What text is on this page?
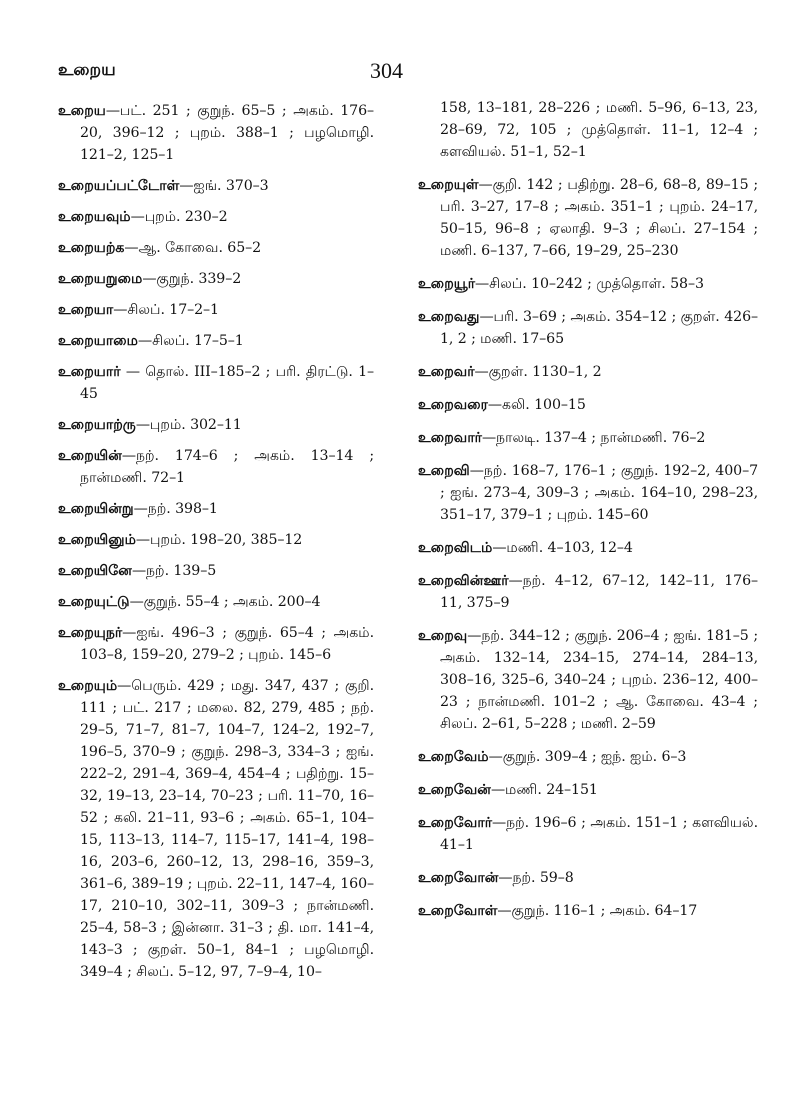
உறைய	304
உறைய—பட். 251 ; குறுந். 65–5 ; அகம். 176–20, 396–12 ; புறம். 388–1 ; பழமொழி. 121–2, 125–1
உறையப்பட்டோள்—ஐங். 370–3
உறையவும்—புறம். 230–2
உறையற்க—ஆ. கோவை. 65–2
உறையறுமை—குறுந். 339–2
உறையா—சிலப். 17–2–1
உறையாமை—சிலப். 17–5–1
உறையார் — தொல். III–185–2 ; பரி. திரட்டு. 1–45
உறையாற்ரு—புறம். 302–11
உறையின்—நற். 174–6 ; அகம். 13–14 ; நான்மணி. 72–1
உறையின்று—நற். 398–1
உறையினும்—புறம். 198–20, 385–12
உறையினே—நற். 139–5
உறையுட்டு—குறுந். 55–4 ; அகம். 200–4
உறையுநர்—ஐங். 496–3 ; குறுந். 65–4 ; அகம். 103–8, 159–20, 279–2 ; புறம். 145–6
உறையும்—பெரும். 429 ; மது. 347, 437 ; குறி. 111 ; பட். 217 ; மலை. 82, 279, 485 ; நற். 29–5, 71–7, 81–7, 104–7, 124–2, 192–7, 196–5, 370–9 ; குறுந். 298–3, 334–3 ; ஐங். 222–2, 291–4, 369–4, 454–4 ; பதிற்று. 15–32, 19–13, 23–14, 70–23 ; பரி. 11–70, 16–52 ; கலி. 21–11, 93–6 ; அகம். 65–1, 104–15, 113–13, 114–7, 115–17, 141–4, 198–16, 203–6, 260–12, 13, 298–16, 359–3, 361–6, 389–19 ; புறம். 22–11, 147–4, 160–17, 210–10, 302–11, 309–3 ; நான்மணி. 25–4, 58–3 ; இன்னா. 31–3 ; தி. மா. 141–4, 143–3 ; குறள். 50–1, 84–1 ; பழமொழி. 349–4 ; சிலப். 5–12, 97, 7–9–4, 10–
158, 13–181, 28–226 ; மணி. 5–96, 6–13, 23, 28–69, 72, 105 ; முத்தொள். 11–1, 12–4 ; களவியல். 51–1, 52–1
உறையுள்—குறி. 142 ; பதிற்று. 28–6, 68–8, 89–15 ; பரி. 3–27, 17–8 ; அகம். 351–1 ; புறம். 24–17, 50–15, 96–8 ; ஏலாதி. 9–3 ; சிலப். 27–154 ; மணி. 6–137, 7–66, 19–29, 25–230
உறையூர்—சிலப். 10–242 ; முத்தொள். 58–3
உறைவது—பரி. 3–69 ; அகம். 354–12 ; குறள். 426–1, 2 ; மணி. 17–65
உறைவர்—குறள். 1130–1, 2
உறைவரை—கலி. 100–15
உறைவார்—நாலடி. 137–4 ; நான்மணி. 76–2
உறைவி—நற். 168–7, 176–1 ; குறுந். 192–2, 400–7 ; ஐங். 273–4, 309–3 ; அகம். 164–10, 298–23, 351–17, 379–1 ; புறம். 145–60
உறைவிடம்—மணி. 4–103, 12–4
உறைவின்ஊர்—நற். 4–12, 67–12, 142–11, 176–11, 375–9
உறைவு—நற். 344–12 ; குறுந். 206–4 ; ஐங். 181–5 ; அகம். 132–14, 234–15, 274–14, 284–13, 308–16, 325–6, 340–24 ; புறம். 236–12, 400–23 ; நான்மணி. 101–2 ; ஆ. கோவை. 43–4 ; சிலப். 2–61, 5–228 ; மணி. 2–59
உறைவேம்—குறுந். 309–4 ; ஐந். ஐம். 6–3
உறைவேன்—மணி. 24–151
உறைவோர்—நற். 196–6 ; அகம். 151–1 ; களவியல். 41–1
உறைவோன்—நற். 59–8
உறைவோள்—குறுந். 116–1 ; அகம். 64–17
